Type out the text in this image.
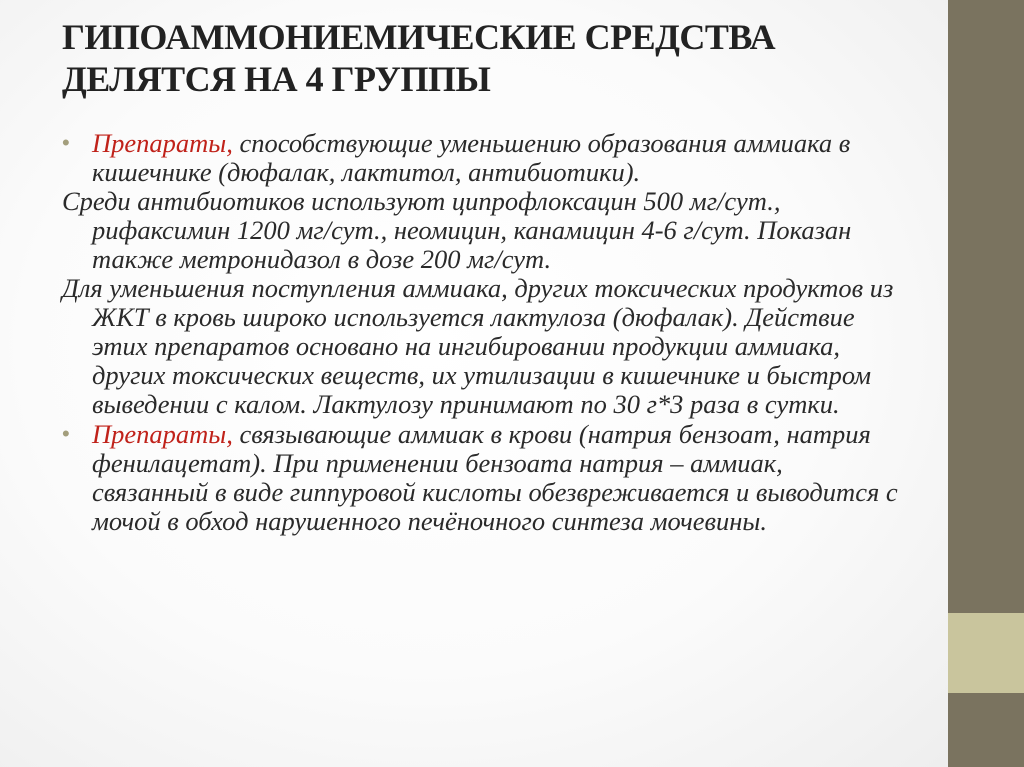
ГИПОАММОНИЕМИЧЕСКИЕ СРЕДСТВА
ДЕЛЯТСЯ НА 4 ГРУППЫ

• Препараты, способствующие уменьшению образования аммиака в кишечнике (дюфалак, лактитол, антибиотики).

Среди антибиотиков используют ципрофлоксацин 500 мг/сут., рифаксимин 1200 мг/сут., неомицин, канамицин 4-6 г/сут. Показан также метронидазол в дозе 200 мг/сут.

Для уменьшения поступления аммиака, других токсических продуктов из ЖКТ в кровь широко используется лактулоза (дюфалак). Действие этих препаратов основано на ингибировании продукции аммиака, других токсических веществ, их утилизации в кишечнике и быстром выведении с калом. Лактулозу принимают по 30 г*3 раза в сутки.

• Препараты, связывающие аммиак в крови (натрия бензоат, натрия фенилацетат). При применении бензоата натрия – аммиак, связанный в виде гиппуровой кислоты обезвреживается и выводится с мочой в обход нарушенного печёночного синтеза мочевины.
